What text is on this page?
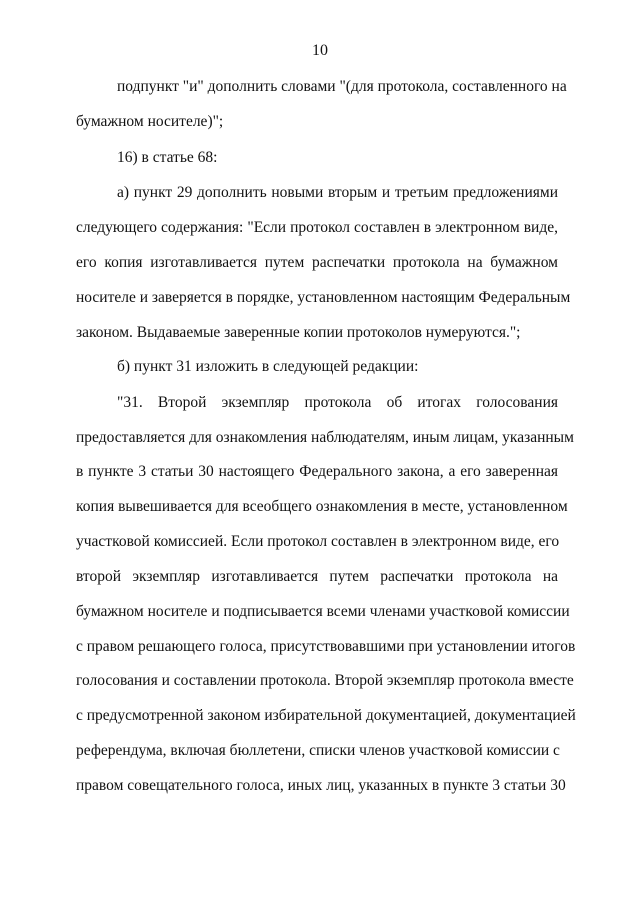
10
подпункт "и" дополнить словами "(для протокола, составленного на
бумажном носителе)";
16) в статье 68:
а) пункт 29 дополнить новыми вторым и третьим предложениями
следующего содержания: "Если протокол составлен в электронном виде,
его копия изготавливается путем распечатки протокола на бумажном
носителе и заверяется в порядке, установленном настоящим Федеральным
законом. Выдаваемые заверенные копии протоколов нумеруются.";
б) пункт 31 изложить в следующей редакции:
"31. Второй экземпляр протокола об итогах голосования
предоставляется для ознакомления наблюдателям, иным лицам, указанным
в пункте 3 статьи 30 настоящего Федерального закона, а его заверенная
копия вывешивается для всеобщего ознакомления в месте, установленном
участковой комиссией. Если протокол составлен в электронном виде, его
второй экземпляр изготавливается путем распечатки протокола на
бумажном носителе и подписывается всеми членами участковой комиссии
с правом решающего голоса, присутствовавшими при установлении итогов
голосования и составлении протокола. Второй экземпляр протокола вместе
с предусмотренной законом избирательной документацией, документацией
референдума, включая бюллетени, списки членов участковой комиссии с
правом совещательного голоса, иных лиц, указанных в пункте 3 статьи 30
